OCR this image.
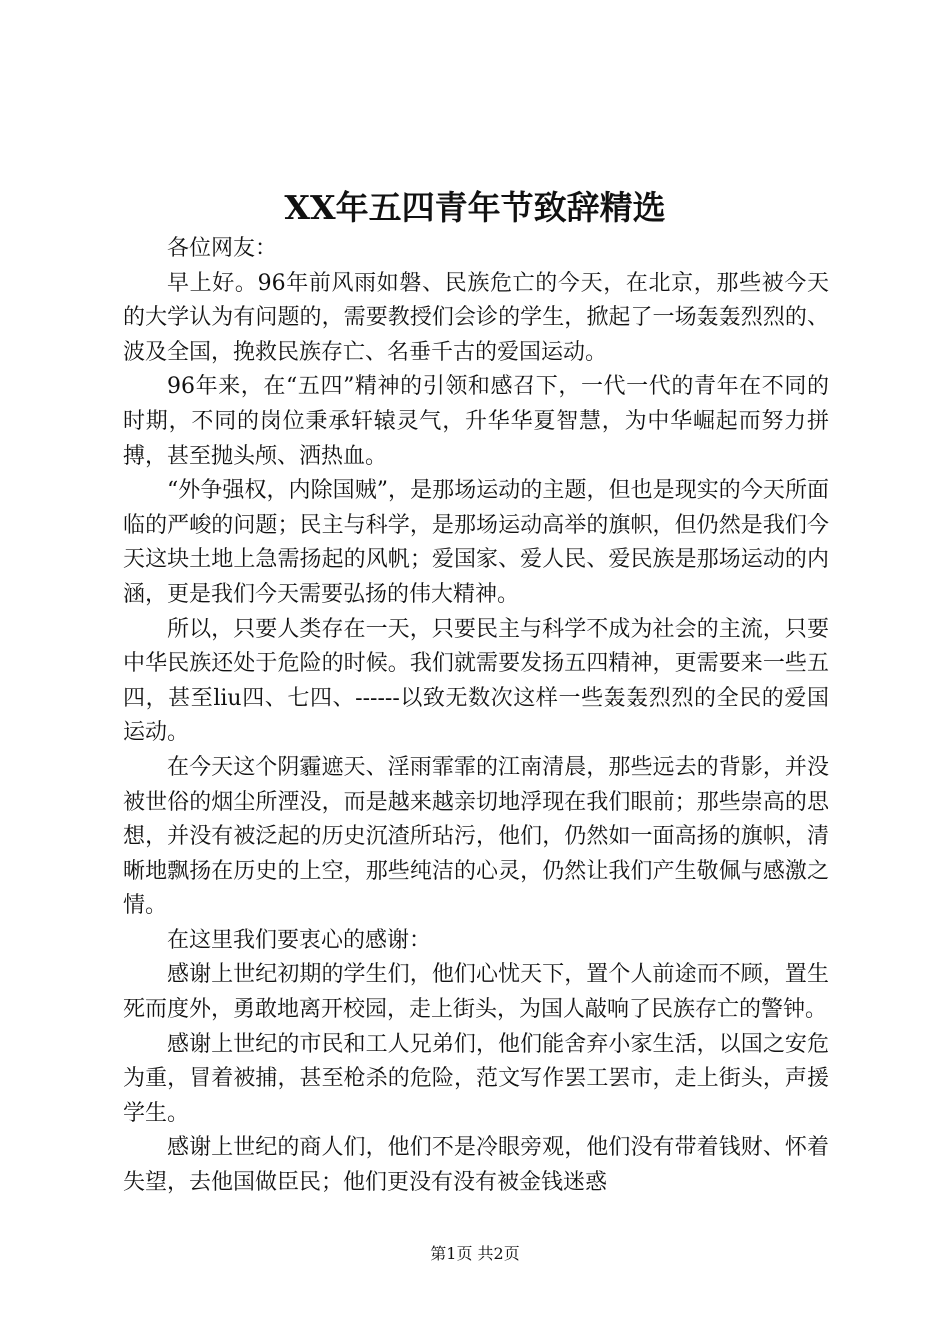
XX年五四青年节致辞精选

各位网友：

早上好。96年前风雨如磐、民族危亡的今天，在北京，那些被今天的大学认为有问题的，需要教授们会诊的学生，掀起了一场轰轰烈烈的、波及全国，挽救民族存亡、名垂千古的爱国运动。

96年来，在“五四”精神的引领和感召下，一代一代的青年在不同的时期，不同的岗位秉承轩辕灵气，升华华夏智慧，为中华崛起而努力拼搏，甚至抛头颅、洒热血。

“外争强权，内除国贼”，是那场运动的主题，但也是现实的今天所面临的严峻的问题；民主与科学，是那场运动高举的旗帜，但仍然是我们今天这块土地上急需扬起的风帆；爱国家、爱人民、爱民族是那场运动的内涵，更是我们今天需要弘扬的伟大精神。

所以，只要人类存在一天，只要民主与科学不成为社会的主流，只要中华民族还处于危险的时候。我们就需要发扬五四精神，更需要来一些五四，甚至liu四、七四、------以致无数次这样一些轰轰烈烈的全民的爱国运动。

在今天这个阴霾遮天、淫雨霏霏的江南清晨，那些远去的背影，并没被世俗的烟尘所湮没，而是越来越亲切地浮现在我们眼前；那些崇高的思想，并没有被泛起的历史沉渣所玷污，他们，仍然如一面高扬的旗帜，清晰地飘扬在历史的上空，那些纯洁的心灵，仍然让我们产生敬佩与感激之情。

在这里我们要衷心的感谢：

感谢上世纪初期的学生们，他们心忧天下，置个人前途而不顾，置生死而度外，勇敢地离开校园，走上街头，为国人敲响了民族存亡的警钟。

感谢上世纪的市民和工人兄弟们，他们能舍弃小家生活，以国之安危为重，冒着被捕，甚至枪杀的危险，范文写作罢工罢市，走上街头，声援学生。

感谢上世纪的商人们，他们不是冷眼旁观，他们没有带着钱财、怀着失望，去他国做臣民；他们更没有没有被金钱迷惑

第1页 共2页
